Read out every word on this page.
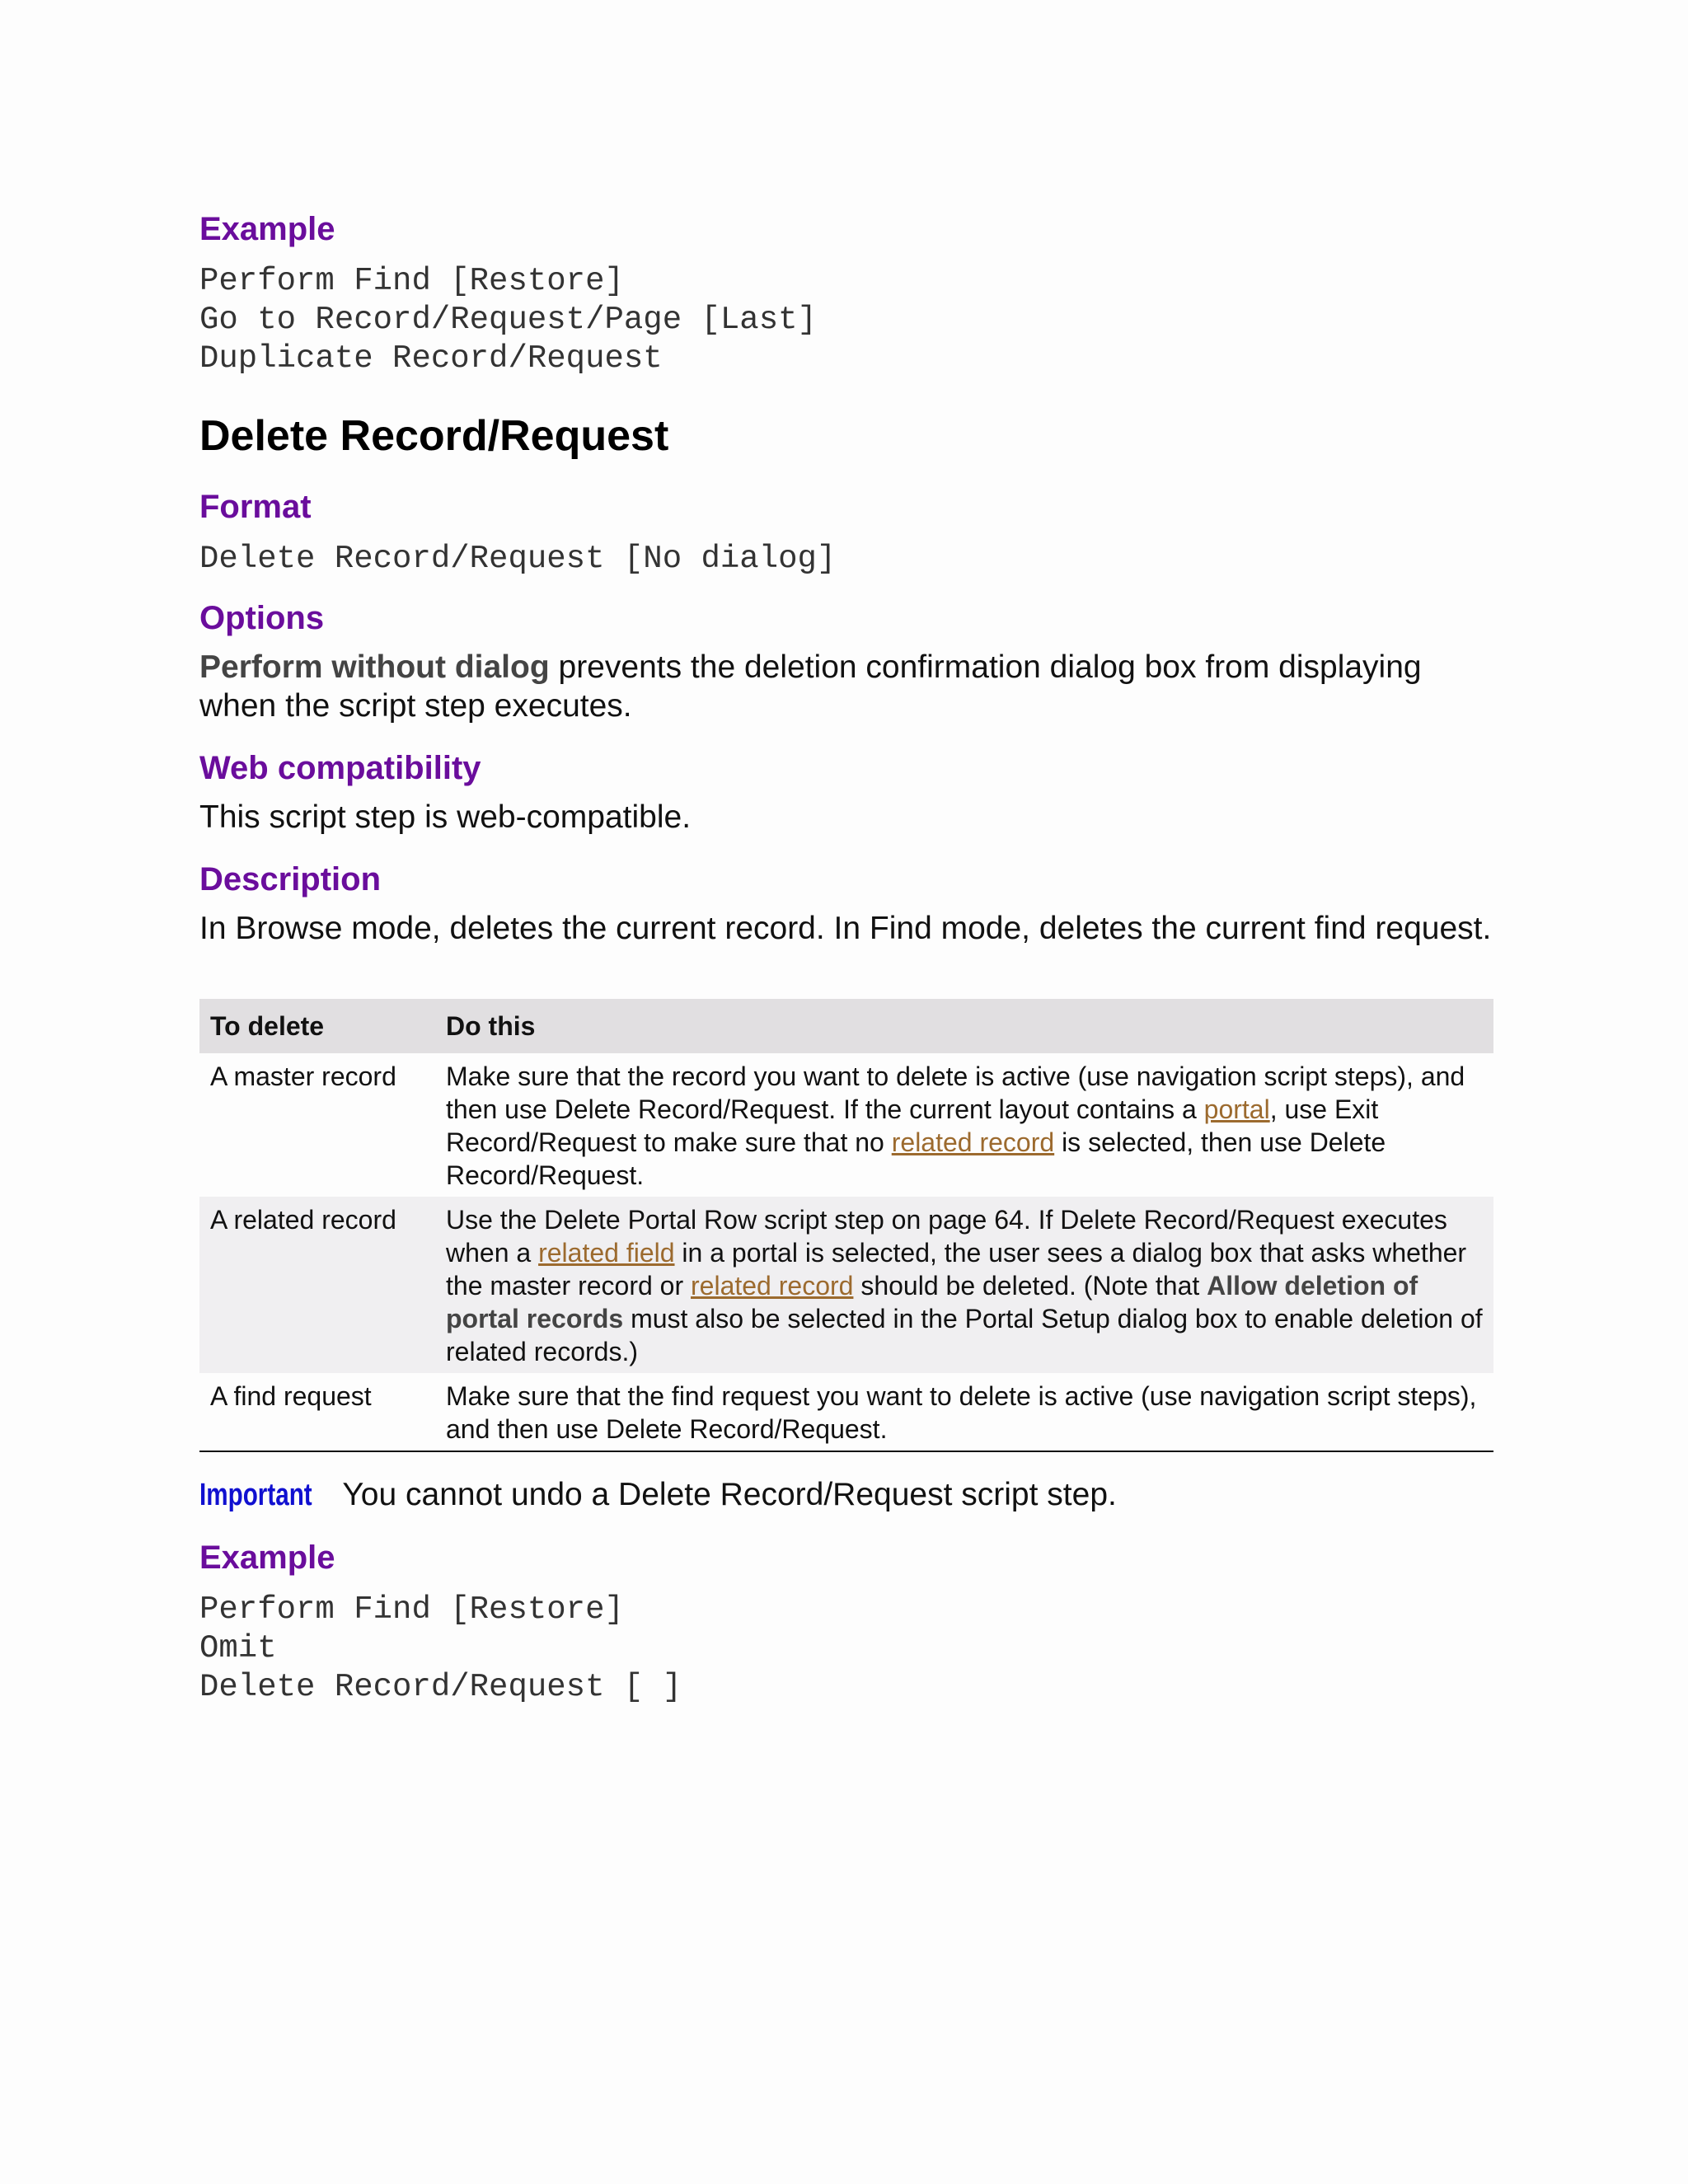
Example

Perform Find [Restore]

Go to Record/Request/Page [Last]

Duplicate Record/Request

Delete Record/Request
Format

Delete Record/Request [No dialog]

Options

Perform without dialog prevents the deletion confirmation dialog box from displaying when the script step executes.

Web compatibility

This script step is web-compatible.

Description

In Browse mode, deletes the current record. In Find mode, deletes the current find request.

To delete	Do this
A master record	Make sure that the record you want to delete is active (use navigation script steps), and then use Delete Record/Request. If the current layout contains a portal, use Exit Record/Request to make sure that no related record is selected, then use Delete Record/Request.
A related record	Use the Delete Portal Row script step on page 64. If Delete Record/Request executes when a related field in a portal is selected, the user sees a dialog box that asks whether the master record or related record should be deleted. (Note that Allow deletion of portal records must also be selected in the Portal Setup dialog box to enable deletion of related records.)
A find request	Make sure that the find request you want to delete is active (use navigation script steps), and then use Delete Record/Request.

Important You cannot undo a Delete Record/Request script step.

Example

Perform Find [Restore]

Omit

Delete Record/Request [ ]
